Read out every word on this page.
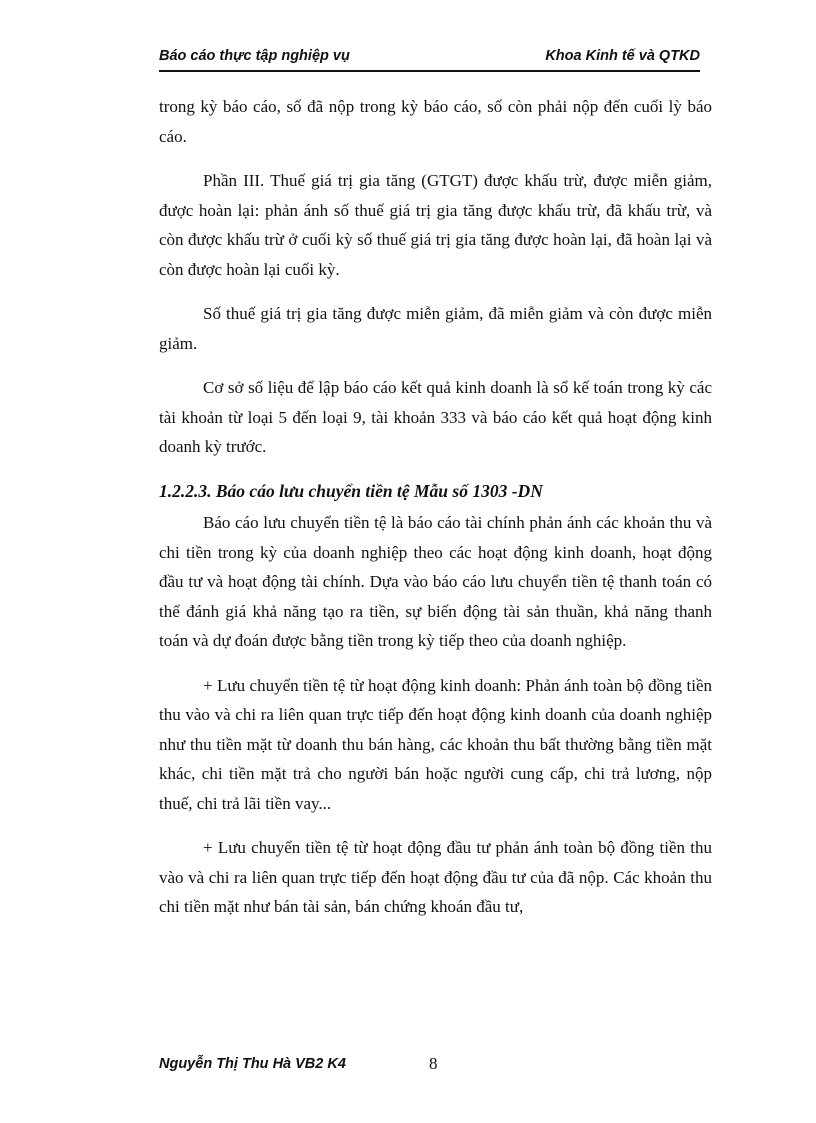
Báo cáo thực tập nghiệp vụ	Khoa Kinh tế và QTKD

trong kỳ báo cáo, số đã nộp trong kỳ báo cáo, số còn phải nộp đến cuối lỳ báo cáo.

Phần III. Thuế giá trị gia tăng (GTGT) được khấu trừ, được miễn giảm, được hoàn lại: phản ánh số thuế giá trị gia tăng được khấu trừ, đã khấu trừ, và còn được khấu trừ ở cuối kỳ số thuế giá trị gia tăng được hoàn lại, đã hoàn lại và còn được hoàn lại cuối kỳ.

Số thuế giá trị gia tăng được miễn giảm, đã miễn giảm và còn được miễn giảm.

Cơ sở số liệu để lập báo cáo kết quả kinh doanh là sổ kế toán trong kỳ các tài khoản từ loại 5 đến loại 9, tài khoản 333 và báo cáo kết quả hoạt động kinh doanh kỳ trước.

1.2.2.3. Báo cáo lưu chuyển tiền tệ Mẫu số 1303 -DN

Báo cáo lưu chuyển tiền tệ là báo cáo tài chính phản ánh các khoản thu và chi tiền trong kỳ của doanh nghiệp theo các hoạt động kinh doanh, hoạt động đầu tư và hoạt động tài chính. Dựa vào báo cáo lưu chuyển tiền tệ thanh toán có thể đánh giá khả năng tạo ra tiền, sự biến động tài sản thuần, khả năng thanh toán và dự đoán được bằng tiền trong kỳ tiếp theo của doanh nghiệp.

+ Lưu chuyển tiền tệ từ hoạt động kinh doanh: Phản ánh toàn bộ đồng tiền thu vào và chi ra liên quan trực tiếp đến hoạt động kinh doanh của doanh nghiệp như thu tiền mặt từ doanh thu bán hàng, các khoản thu bất thường bằng tiền mặt khác, chi tiền mặt trả cho người bán hoặc người cung cấp, chi trả lương, nộp thuế, chi trả lãi tiền vay...

+ Lưu chuyển tiền tệ từ hoạt động đầu tư phản ánh toàn bộ đồng tiền thu vào và chi ra liên quan trực tiếp đến hoạt động đầu tư của đã nộp. Các khoản thu chi tiền mặt như bán tài sản, bán chứng khoán đầu tư,

Nguyễn Thị Thu Hà VB2 K4	8
